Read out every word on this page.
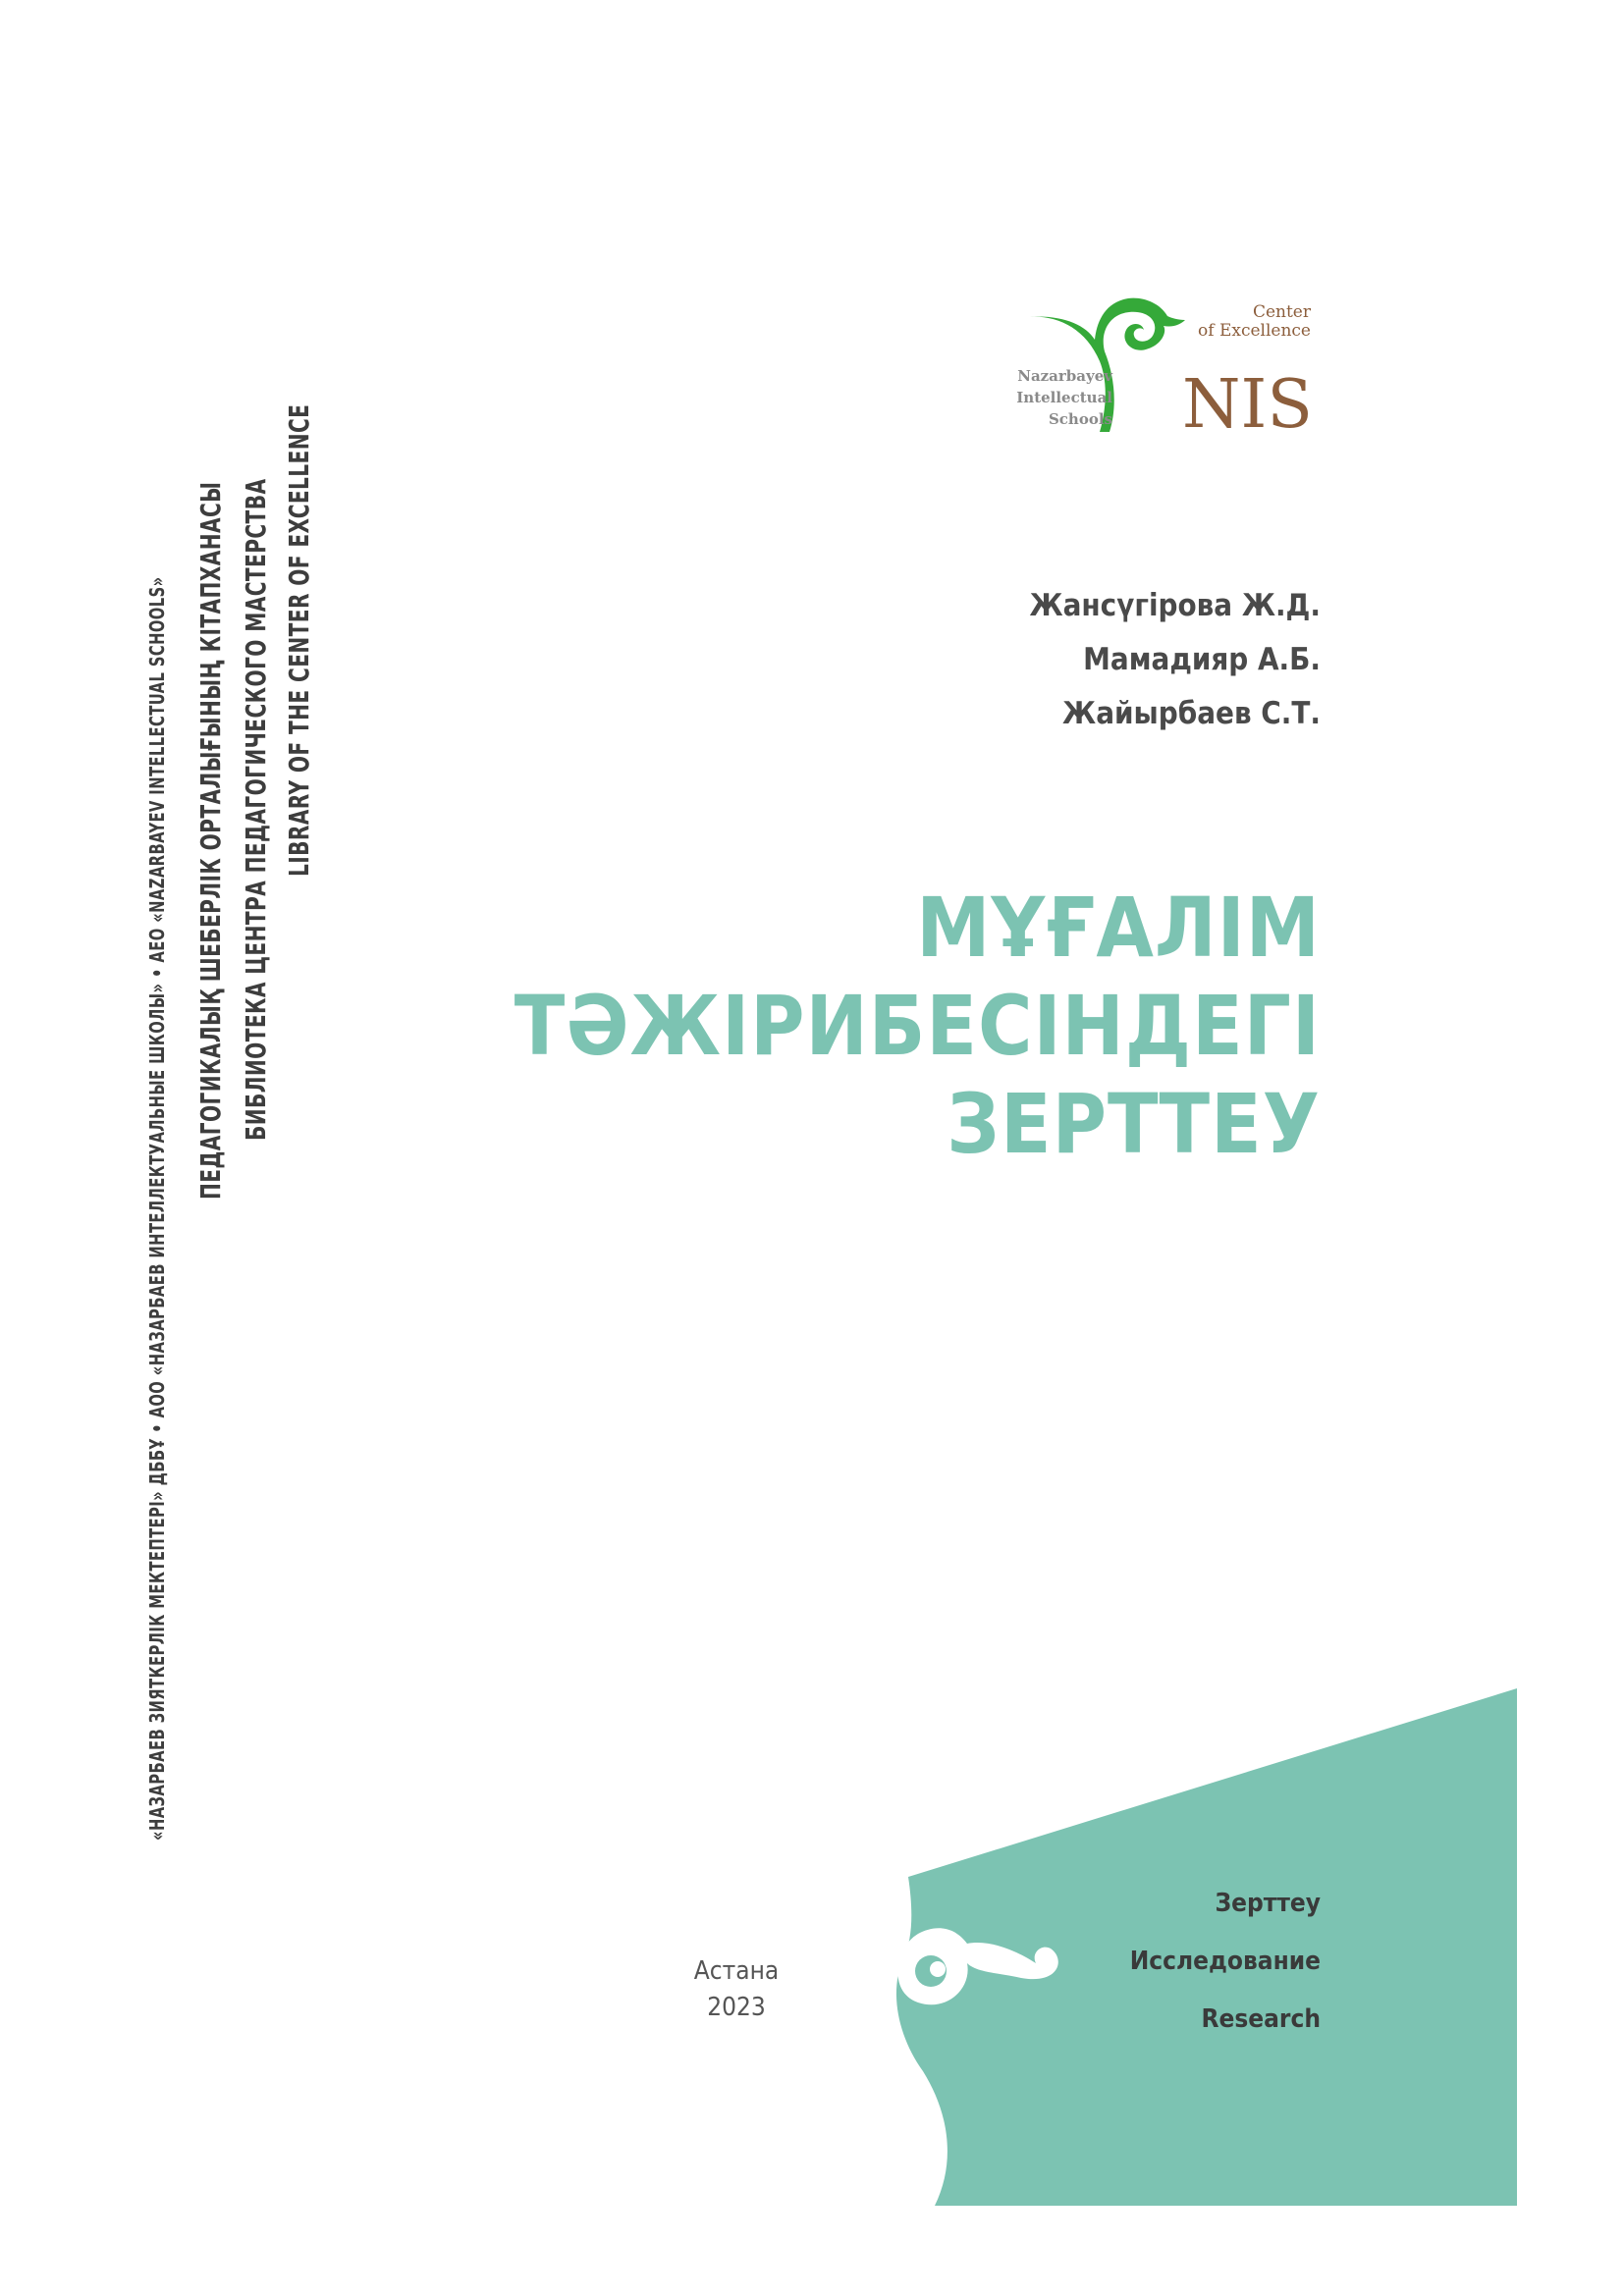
«НАЗАРБАЕВ ЗИЯТКЕРЛІК МЕКТЕПТЕРІ» ДББҰ • АОО «НАЗАРБАЕВ ИНТЕЛЛЕКТУАЛЬНЫЕ ШКОЛЫ» • AEO «NAZARBAYEV INTELLECTUAL SCHOOLS» ПЕДАГОГИКАЛЫҚ ШЕБЕРЛІК ОРТАЛЫҒЫНЫҢ КІТАПХАНАСЫ БИБЛИОТЕКА ЦЕНТРА ПЕДАГОГИЧЕСКОГО МАСТЕРСТВА LIBRARY OF THE CENTER OF EXCELLENCE
Center
of Excellence
NIS
Nazarbayev
Intellectual
Schools
Жансүгірова Ж.Д.
Мамадияр А.Б.
Жайырбаев С.Т.
МҰҒАЛІМ
ТӘЖІРИБЕСІНДЕГІ
ЗЕРТТЕУ
Зерттеу
Исследование
Research
Астана
2023
